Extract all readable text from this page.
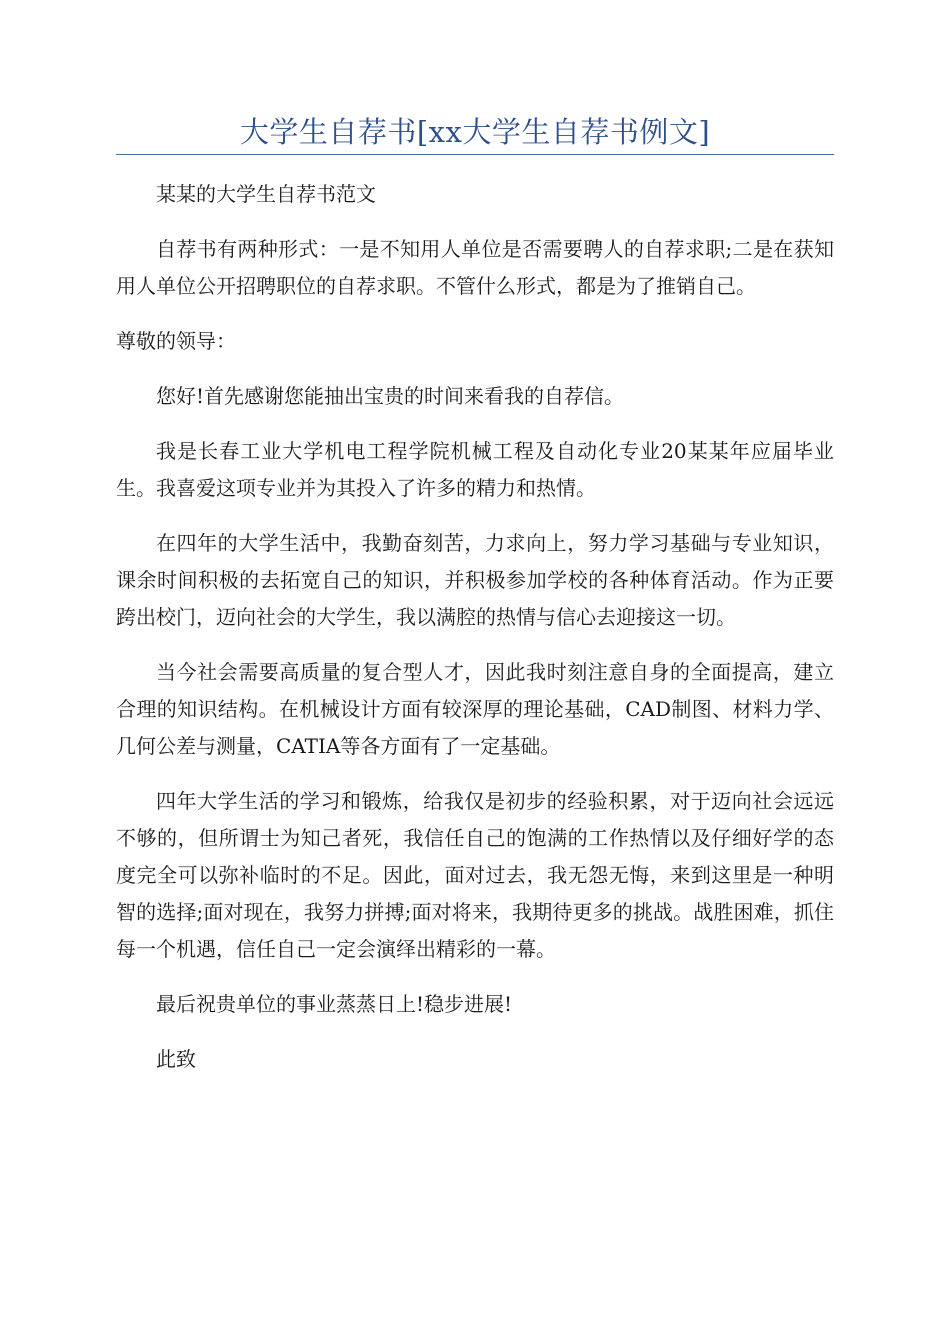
大学生自荐书[xx大学生自荐书例文]

某某的大学生自荐书范文

自荐书有两种形式：一是不知用人单位是否需要聘人的自荐求职;二是在获知用人单位公开招聘职位的自荐求职。不管什么形式，都是为了推销自己。

尊敬的领导：

您好!首先感谢您能抽出宝贵的时间来看我的自荐信。

我是长春工业大学机电工程学院机械工程及自动化专业20某某年应届毕业生。我喜爱这项专业并为其投入了许多的精力和热情。

在四年的大学生活中，我勤奋刻苦，力求向上，努力学习基础与专业知识，课余时间积极的去拓宽自己的知识，并积极参加学校的各种体育活动。作为正要跨出校门，迈向社会的大学生，我以满腔的热情与信心去迎接这一切。

当今社会需要高质量的复合型人才，因此我时刻注意自身的全面提高，建立合理的知识结构。在机械设计方面有较深厚的理论基础，CAD制图、材料力学、几何公差与测量，CATIA等各方面有了一定基础。

四年大学生活的学习和锻炼，给我仅是初步的经验积累，对于迈向社会远远不够的，但所谓士为知己者死，我信任自己的饱满的工作热情以及仔细好学的态度完全可以弥补临时的不足。因此，面对过去，我无怨无悔，来到这里是一种明智的选择;面对现在，我努力拼搏;面对将来，我期待更多的挑战。战胜困难，抓住每一个机遇，信任自己一定会演绎出精彩的一幕。

最后祝贵单位的事业蒸蒸日上!稳步进展!

此致
